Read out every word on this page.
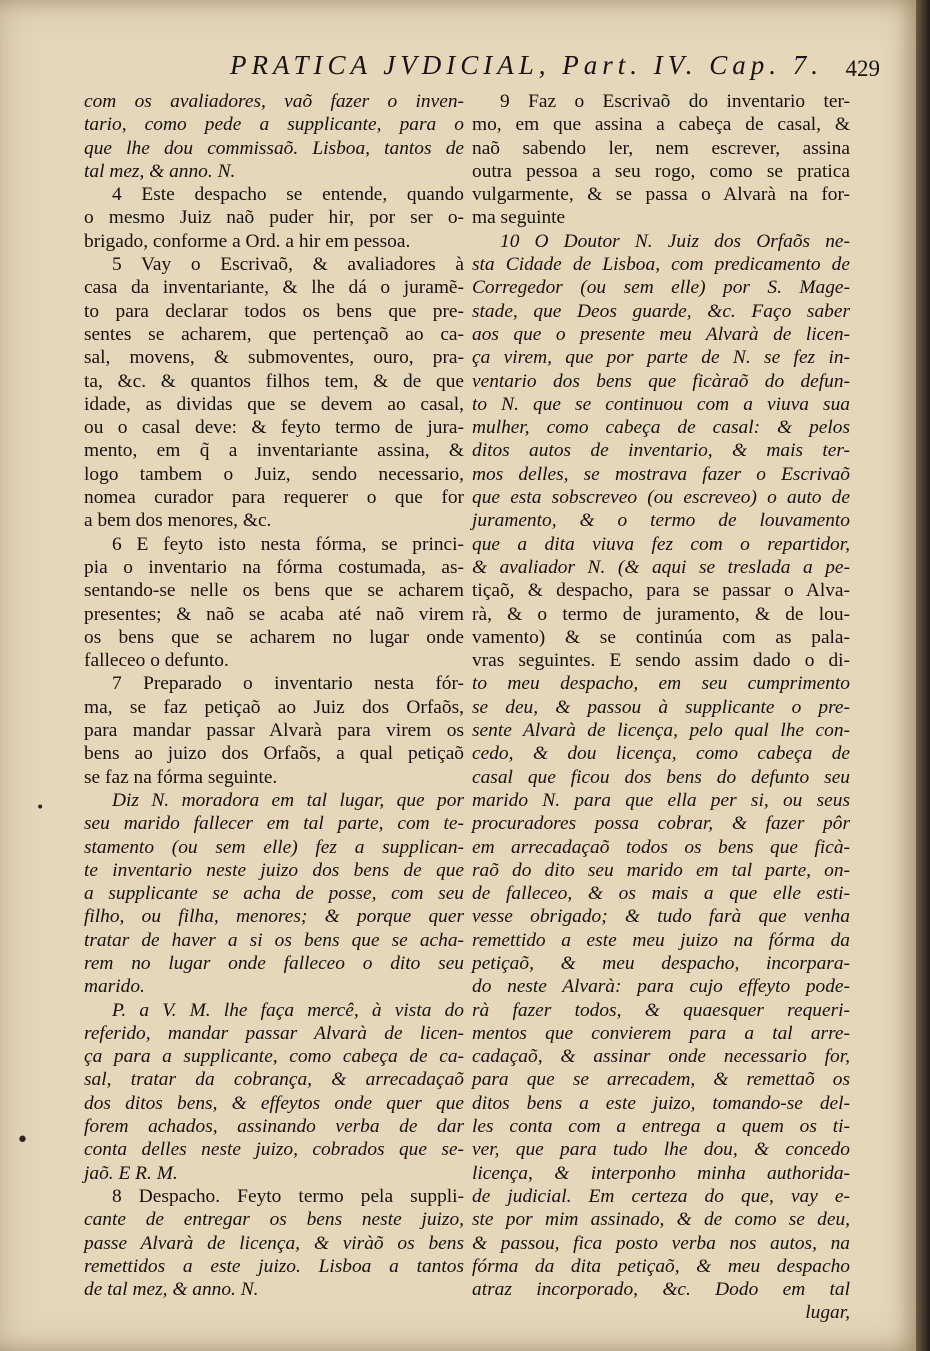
PRATICA JVDICIAL, Part. IV. Cap. 7. 429
com os avaliadores, vaõ fazer o inven-
tario, como pede a supplicante, para o
que lhe dou commissaõ. Lisboa, tantos de
tal mez, & anno. N.
4 Este despacho se entende, quando
o mesmo Juiz naõ puder hir, por ser o-
brigado, conforme a Ord. a hir em pessoa.
5 Vay o Escrivaõ, & avaliadores à
casa da inventariante, & lhe dá o juramẽ-
to para declarar todos os bens que pre-
sentes se acharem, que pertençaõ ao ca-
sal, movens, & submoventes, ouro, pra-
ta, &c. & quantos filhos tem, & de que
idade, as dividas que se devem ao casal,
ou o casal deve: & feyto termo de jura-
mento, em q̃ a inventariante assina, &
logo tambem o Juiz, sendo necessario,
nomea curador para requerer o que for
a bem dos menores, &c.
6 E feyto isto nesta fórma, se princi-
pia o inventario na fórma costumada, as-
sentando-se nelle os bens que se acharem
presentes; & naõ se acaba até naõ virem
os bens que se acharem no lugar onde
falleceo o defunto.
7 Preparado o inventario nesta fór-
ma, se faz petiçaõ ao Juiz dos Orfaõs,
para mandar passar Alvarà para virem os
bens ao juizo dos Orfaõs, a qual petiçaõ
se faz na fórma seguinte.
Diz N. moradora em tal lugar, que por
seu marido fallecer em tal parte, com te-
stamento (ou sem elle) fez a supplican-
te inventario neste juizo dos bens de que
a supplicante se acha de posse, com seu
filho, ou filha, menores; & porque quer
tratar de haver a si os bens que se acha-
rem no lugar onde falleceo o dito seu
marido.
P. a V. M. lhe faça mercê, à vista do
referido, mandar passar Alvarà de licen-
ça para a supplicante, como cabeça de ca-
sal, tratar da cobrança, & arrecadaçaõ
dos ditos bens, & effeytos onde quer que
forem achados, assinando verba de dar
conta delles neste juizo, cobrados que se-
jaõ. E R. M.
8 Despacho. Feyto termo pela suppli-
cante de entregar os bens neste juizo,
passe Alvarà de licença, & viràõ os bens
remettidos a este juizo. Lisboa a tantos
de tal mez, & anno. N.
9 Faz o Escrivaõ do inventario ter-
mo, em que assina a cabeça de casal, &
naõ sabendo ler, nem escrever, assina
outra pessoa a seu rogo, como se pratica
vulgarmente, & se passa o Alvarà na for-
ma seguinte
10 O Doutor N. Juiz dos Orfaõs ne-
sta Cidade de Lisboa, com predicamento de
Corregedor (ou sem elle) por S. Mage-
stade, que Deos guarde, &c. Faço saber
aos que o presente meu Alvarà de licen-
ça virem, que por parte de N. se fez in-
ventario dos bens que ficàraõ do defun-
to N. que se continuou com a viuva sua
mulher, como cabeça de casal: & pelos
ditos autos de inventario, & mais ter-
mos delles, se mostrava fazer o Escrivaõ
que esta sobscreveo (ou escreveo) o auto de
juramento, & o termo de louvamento
que a dita viuva fez com o repartidor,
& avaliador N. (& aqui se tresladа a pe-
tiçaõ, & despacho, para se passar o Alva-
rà, & o termo de juramento, & de lou-
vamento) & se continúa com as pala-
vras seguintes. E sendo assim dado o di-
to meu despacho, em seu cumprimento
se deu, & passou à supplicante o pre-
sente Alvarà de licença, pelo qual lhe con-
cedo, & dou licença, como cabeça de
casal que ficou dos bens do defunto seu
marido N. para que ella per si, ou seus
procuradores possa cobrar, & fazer pôr
em arrecadaçaõ todos os bens que ficà-
raõ do dito seu marido em tal parte, on-
de falleceo, & os mais a que elle esti-
vesse obrigado; & tudo farà que venha
remettido a este meu juizo na fórma da
petiçaõ, & meu despacho, incorpara-
do neste Alvarà: para cujo effeyto pode-
rà fazer todos, & quaesquer requeri-
mentos que convierem para a tal arre-
cadaçaõ, & assinar onde necessario for,
para que se arrecadem, & remettaõ os
ditos bens a este juizo, tomando-se del-
les conta com a entrega a quem os ti-
ver, que para tudo lhe dou, & concedo
licença, & interponho minha authorida-
de judicial. Em certeza do que, vay e-
ste por mim assinado, & de como se deu,
& passou, fica posto verba nos autos, na
fórma da dita petiçaõ, & meu despacho
atraz incorporado, &c. Dodo em tal
lugar,
•
•
